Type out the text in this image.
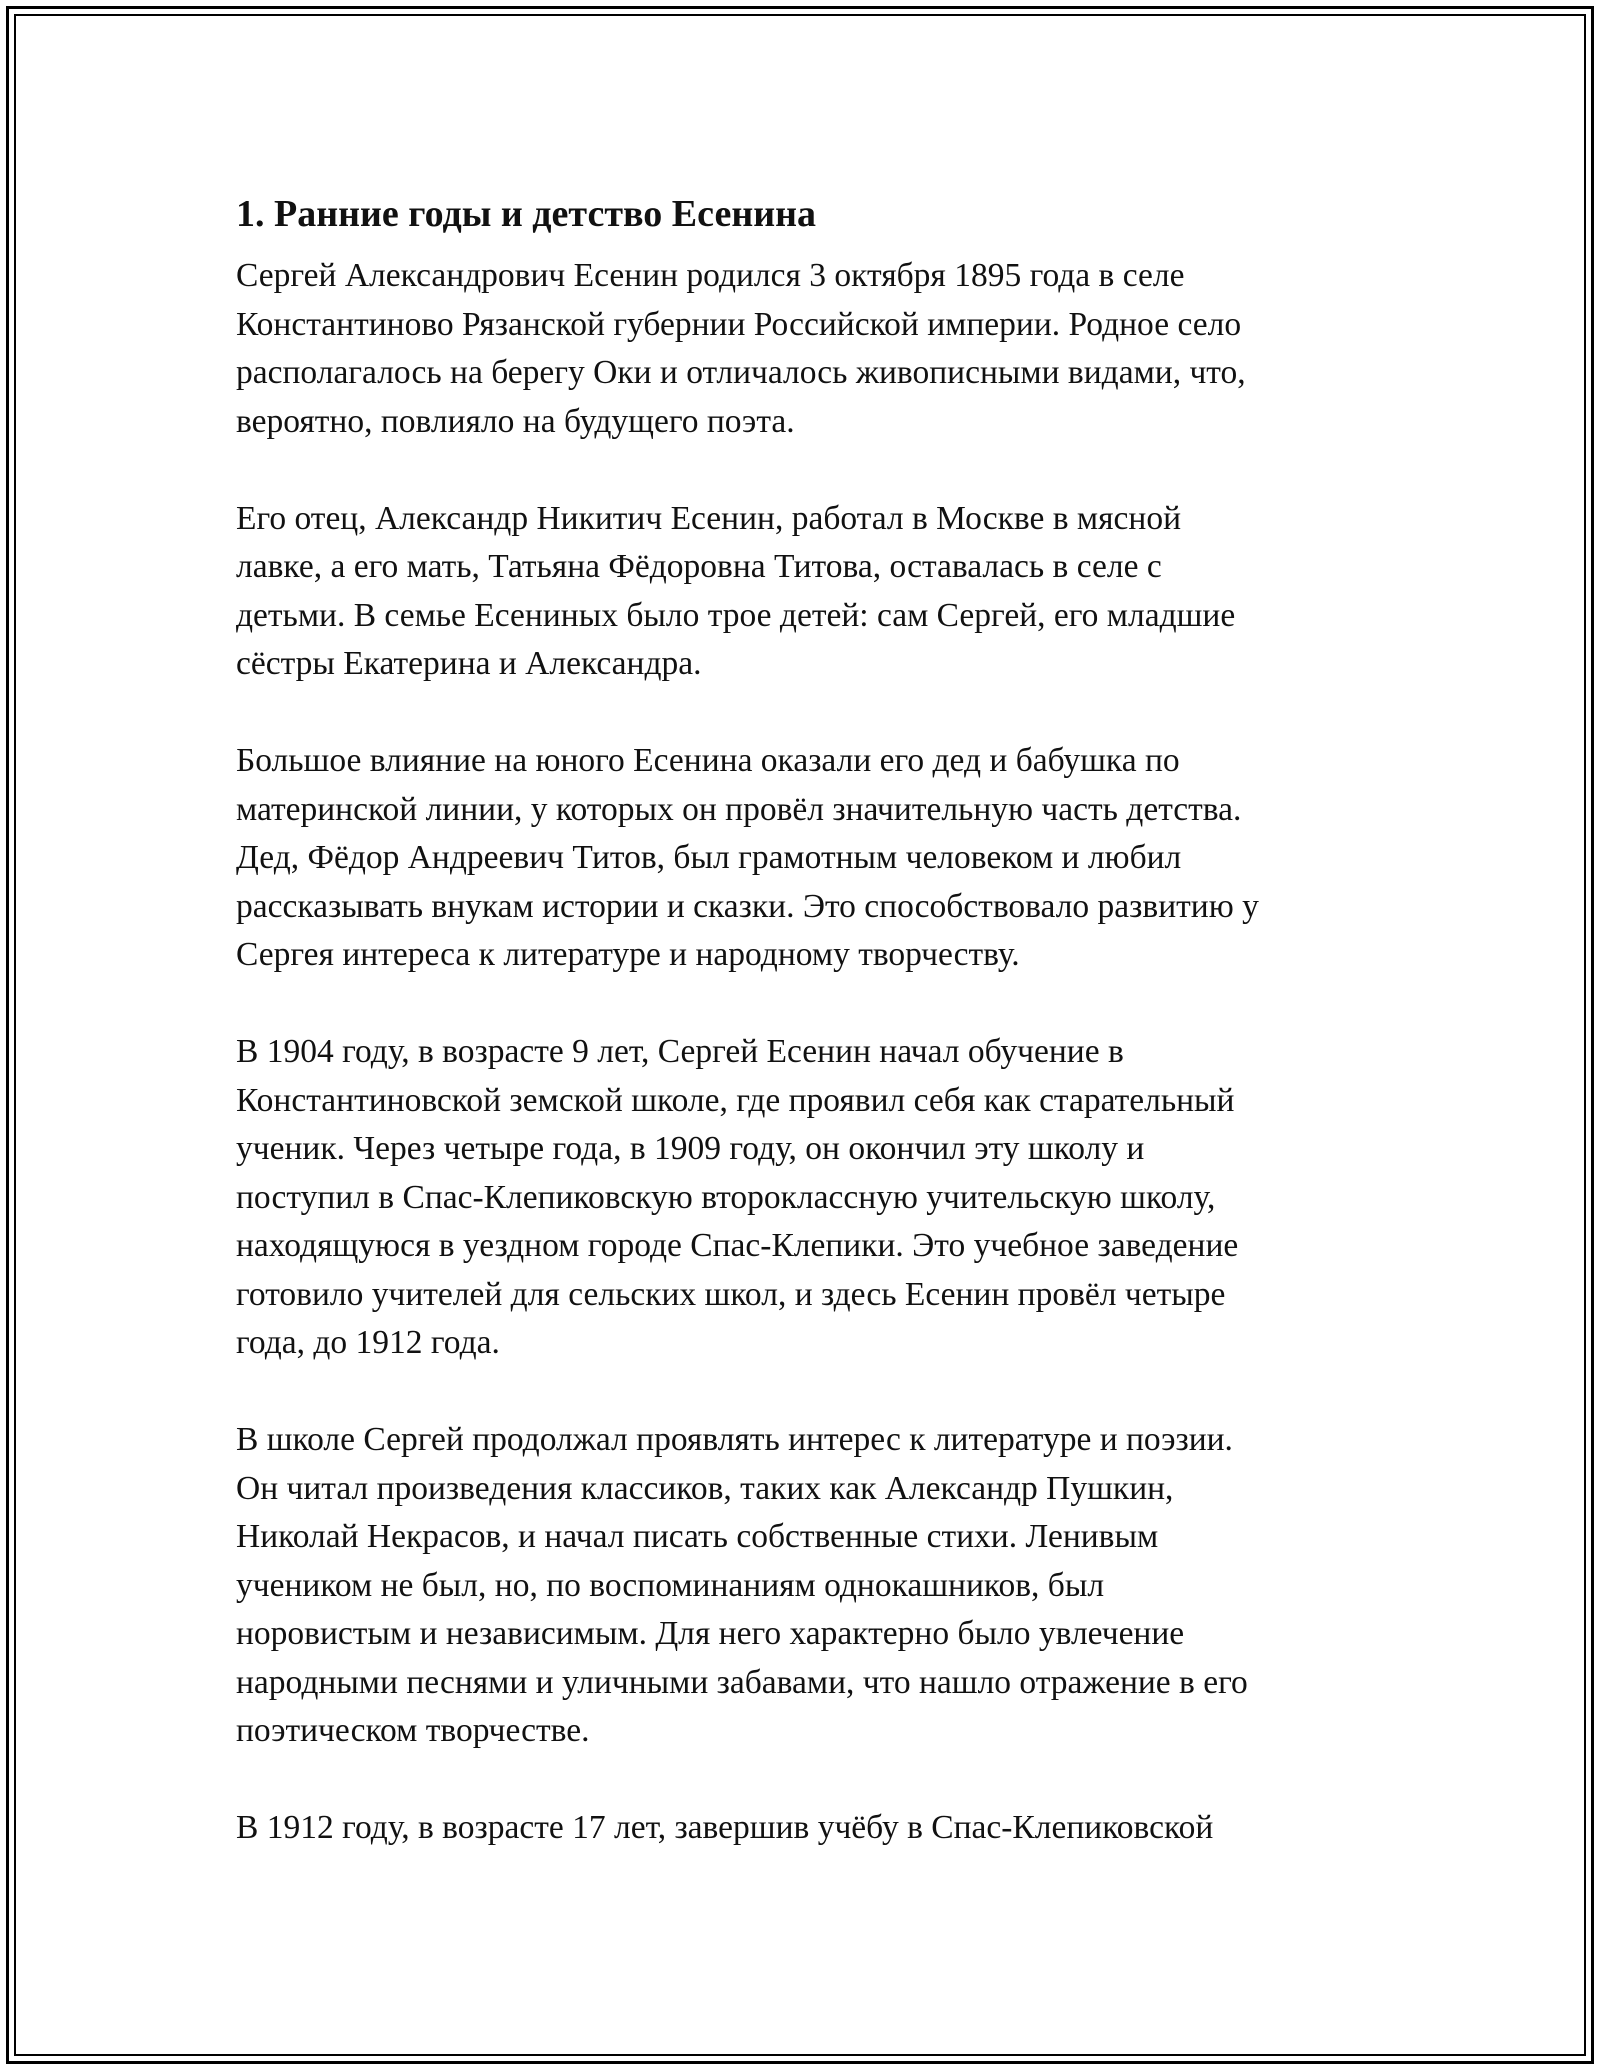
1. Ранние годы и детство Есенина

Сергей Александрович Есенин родился 3 октября 1895 года в селе
Константиново Рязанской губернии Российской империи. Родное село
располагалось на берегу Оки и отличалось живописными видами, что,
вероятно, повлияло на будущего поэта.

Его отец, Александр Никитич Есенин, работал в Москве в мясной
лавке, а его мать, Татьяна Фёдоровна Титова, оставалась в селе с
детьми. В семье Есениных было трое детей: сам Сергей, его младшие
сёстры Екатерина и Александра.

Большое влияние на юного Есенина оказали его дед и бабушка по
материнской линии, у которых он провёл значительную часть детства.
Дед, Фёдор Андреевич Титов, был грамотным человеком и любил
рассказывать внукам истории и сказки. Это способствовало развитию у
Сергея интереса к литературе и народному творчеству.

В 1904 году, в возрасте 9 лет, Сергей Есенин начал обучение в
Константиновской земской школе, где проявил себя как старательный
ученик. Через четыре года, в 1909 году, он окончил эту школу и
поступил в Спас-Клепиковскую второклассную учительскую школу,
находящуюся в уездном городе Спас-Клепики. Это учебное заведение
готовило учителей для сельских школ, и здесь Есенин провёл четыре
года, до 1912 года.

В школе Сергей продолжал проявлять интерес к литературе и поэзии.
Он читал произведения классиков, таких как Александр Пушкин,
Николай Некрасов, и начал писать собственные стихи. Ленивым
учеником не был, но, по воспоминаниям однокашников, был
норовистым и независимым. Для него характерно было увлечение
народными песнями и уличными забавами, что нашло отражение в его
поэтическом творчестве.

В 1912 году, в возрасте 17 лет, завершив учёбу в Спас-Клепиковской
